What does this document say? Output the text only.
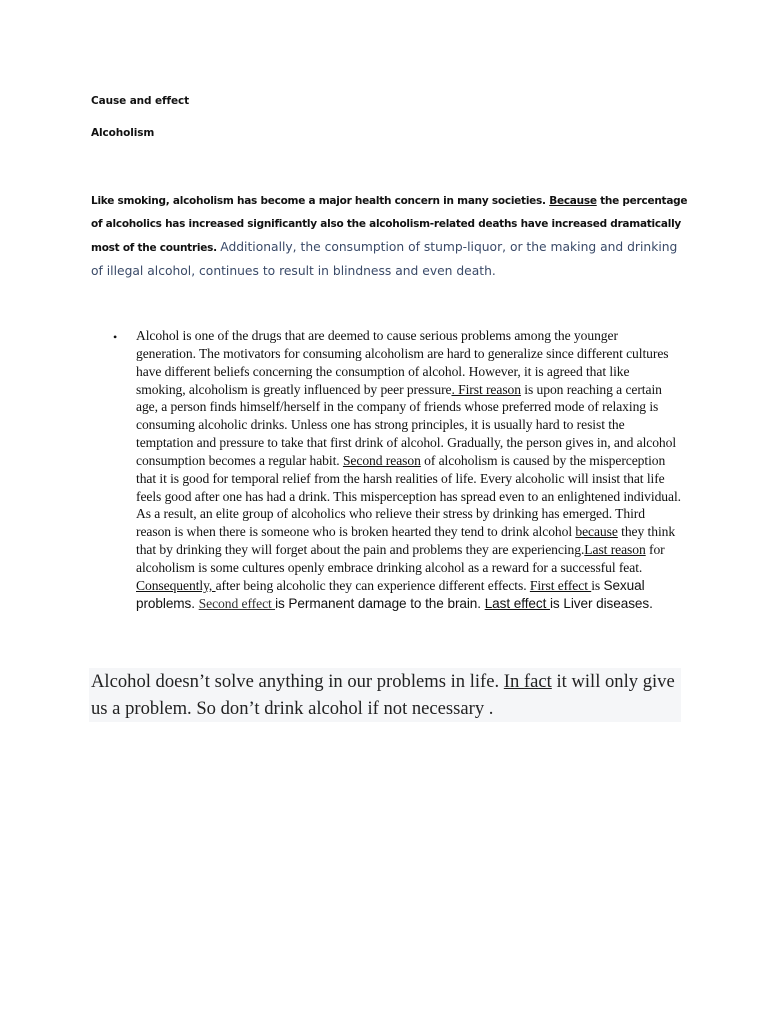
Cause and effect
Alcoholism
Like smoking, alcoholism has become a major health concern in many societies. Because the percentage of alcoholics has increased significantly also the alcoholism-related deaths have increased dramatically most of the countries. Additionally, the consumption of stump-liquor, or the making and drinking of illegal alcohol, continues to result in blindness and even death.
• Alcohol is one of the drugs that are deemed to cause serious problems among the younger generation. The motivators for consuming alcoholism are hard to generalize since different cultures have different beliefs concerning the consumption of alcohol. However, it is agreed that like smoking, alcoholism is greatly influenced by peer pressure. First reason is upon reaching a certain age, a person finds himself/herself in the company of friends whose preferred mode of relaxing is consuming alcoholic drinks. Unless one has strong principles, it is usually hard to resist the temptation and pressure to take that first drink of alcohol. Gradually, the person gives in, and alcohol consumption becomes a regular habit. Second reason of alcoholism is caused by the misperception that it is good for temporal relief from the harsh realities of life. Every alcoholic will insist that life feels good after one has had a drink. This misperception has spread even to an enlightened individual. As a result, an elite group of alcoholics who relieve their stress by drinking has emerged. Third reason is when there is someone who is broken hearted they tend to drink alcohol because they think that by drinking they will forget about the pain and problems they are experiencing.Last reason for alcoholism is some cultures openly embrace drinking alcohol as a reward for a successful feat. Consequently, after being alcoholic they can experience different effects. First effect is Sexual problems. Second effect is Permanent damage to the brain. Last effect is Liver diseases.
Alcohol doesn’t solve anything in our problems in life. In fact it will only give us a problem. So don’t drink alcohol if not necessary .
